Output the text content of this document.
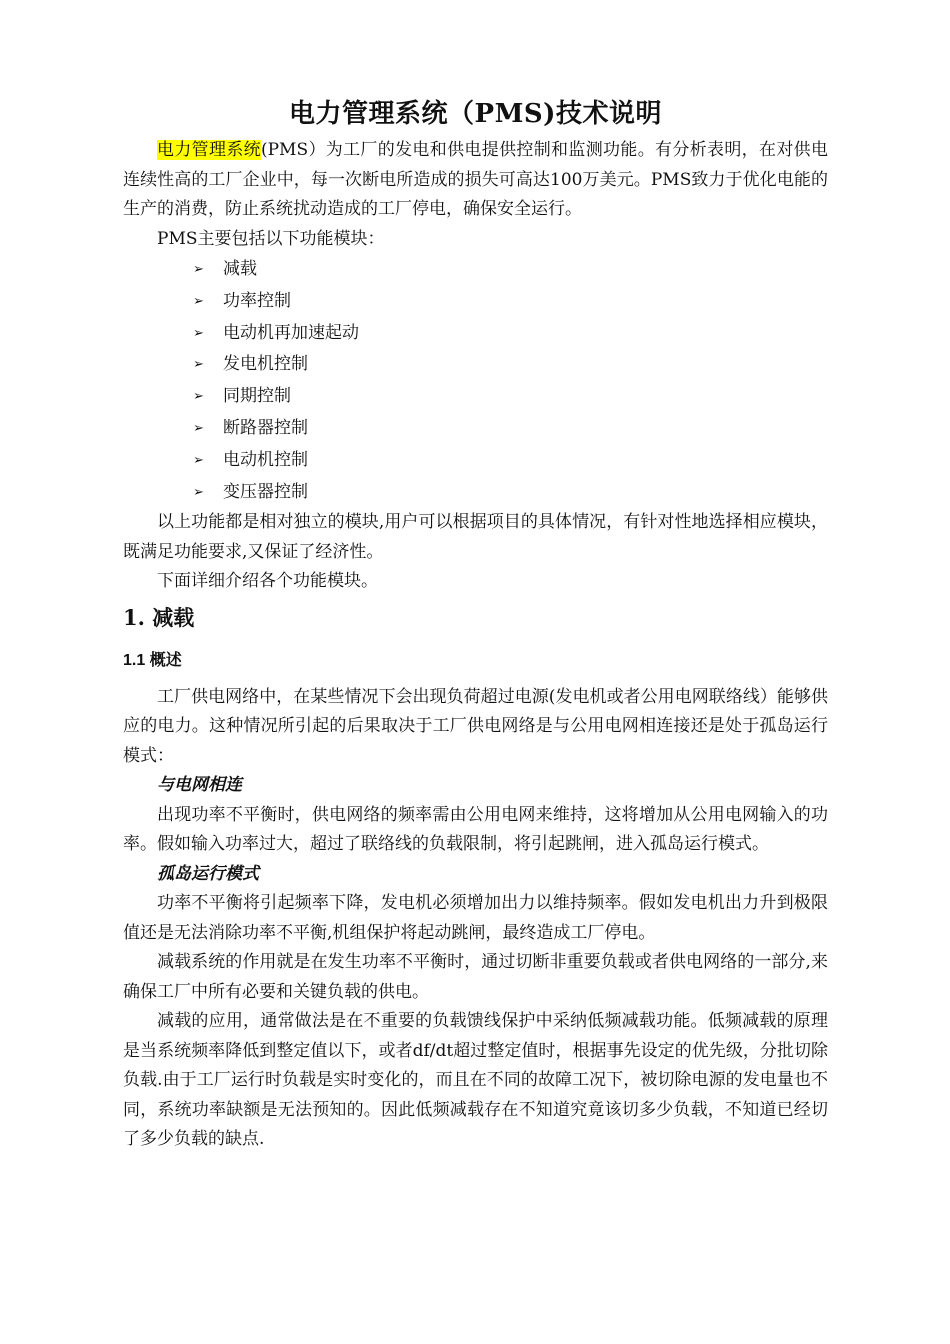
电力管理系统（PMS)技术说明

电力管理系统(PMS）为工厂的发电和供电提供控制和监测功能。有分析表明，在对供电连续性高的工厂企业中，每一次断电所造成的损失可高达100万美元。PMS致力于优化电能的生产的消费，防止系统扰动造成的工厂停电，确保安全运行。

PMS主要包括以下功能模块：

➢	减载
➢	功率控制
➢	电动机再加速起动
➢	发电机控制
➢	同期控制
➢	断路器控制
➢	电动机控制
➢	变压器控制

以上功能都是相对独立的模块,用户可以根据项目的具体情况，有针对性地选择相应模块，既满足功能要求,又保证了经济性。

下面详细介绍各个功能模块。

1. 减载
1.1 概述

工厂供电网络中，在某些情况下会出现负荷超过电源(发电机或者公用电网联络线）能够供应的电力。这种情况所引起的后果取决于工厂供电网络是与公用电网相连接还是处于孤岛运行模式：

与电网相连

出现功率不平衡时，供电网络的频率需由公用电网来维持，这将增加从公用电网输入的功率。假如输入功率过大，超过了联络线的负载限制，将引起跳闸，进入孤岛运行模式。

孤岛运行模式

功率不平衡将引起频率下降，发电机必须增加出力以维持频率。假如发电机出力升到极限值还是无法消除功率不平衡,机组保护将起动跳闸，最终造成工厂停电。

减载系统的作用就是在发生功率不平衡时，通过切断非重要负载或者供电网络的一部分,来确保工厂中所有必要和关键负载的供电。

减载的应用，通常做法是在不重要的负载馈线保护中采纳低频减载功能。低频减载的原理是当系统频率降低到整定值以下，或者df/dt超过整定值时，根据事先设定的优先级，分批切除负载.由于工厂运行时负载是实时变化的，而且在不同的故障工况下，被切除电源的发电量也不同，系统功率缺额是无法预知的。因此低频减载存在不知道究竟该切多少负载，不知道已经切了多少负载的缺点.
